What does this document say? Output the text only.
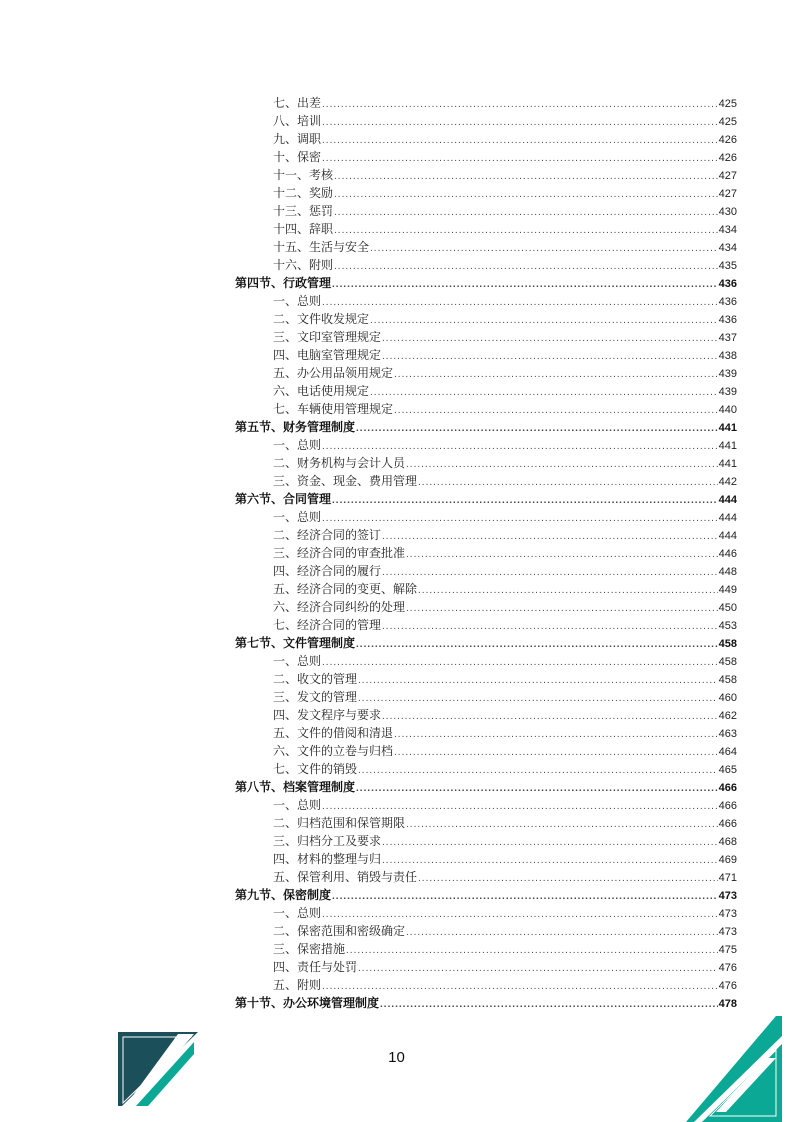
七、出差 .....	425
八、培训 .....	425
九、调职 .....	426
十、保密 .....	426
十一、考核 .....	427
十二、奖励 .....	427
十三、惩罚 .....	430
十四、辞职 .....	434
十五、生活与安全 .....	434
十六、附则 .....	435
第四节、行政管理 .....	436
一、总则 .....	436
二、文件收发规定 .....	436
三、文印室管理规定 .....	437
四、电脑室管理规定 .....	438
五、办公用品领用规定 .....	439
六、电话使用规定 .....	439
七、车辆使用管理规定 .....	440
第五节、财务管理制度 .....	441
一、总则 .....	441
二、财务机构与会计人员 .....	441
三、资金、现金、费用管理 .....	442
第六节、合同管理 .....	444
一、总则 .....	444
二、经济合同的签订 .....	444
三、经济合同的审查批准 .....	446
四、经济合同的履行 .....	448
五、经济合同的变更、解除 .....	449
六、经济合同纠纷的处理 .....	450
七、经济合同的管理 .....	453
第七节、文件管理制度 .....	458
一、总则 .....	458
二、收文的管理 .....	458
三、发文的管理 .....	460
四、发文程序与要求 .....	462
五、文件的借阅和清退 .....	463
六、文件的立卷与归档 .....	464
七、文件的销毁 .....	465
第八节、档案管理制度 .....	466
一、总则 .....	466
二、归档范围和保管期限 .....	466
三、归档分工及要求 .....	468
四、材料的整理与归 .....	469
五、保管利用、销毁与责任 .....	471
第九节、保密制度 .....	473
一、总则 .....	473
二、保密范围和密级确定 .....	473
三、保密措施 .....	475
四、责任与处罚 .....	476
五、附则 .....	476
第十节、办公环境管理制度 .....	478
10
